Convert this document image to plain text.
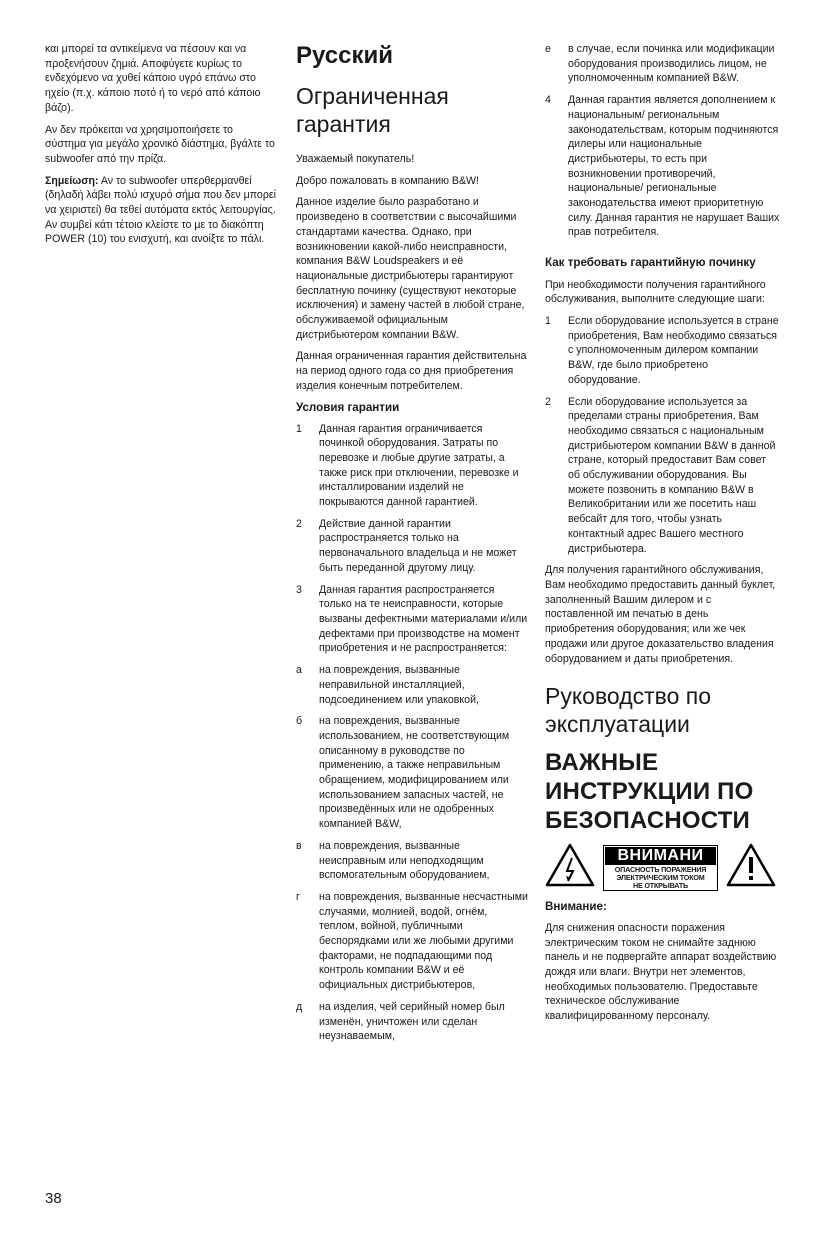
και μπορεί τα αντικείμενα να πέσουν και να προξενήσουν ζημιά. Αποφύγετε κυρίως το ενδεχόμενο να χυθεί κάποιο υγρό επάνω στο ηχείο (π.χ. κάποιο ποτό ή το νερό από κάποιο βάζο).

Αν δεν πρόκειται να χρησιμοποιήσετε το σύστημα για μεγάλο χρονικό διάστημα, βγάλτε το subwoofer από την πρίζα.

Σημείωση: Αν το subwoofer υπερθερμανθεί (δηλαδή λάβει πολύ ισχυρό σήμα που δεν μπορεί να χειριστεί) θα τεθεί αυτόματα εκτός λειτουργίας. Αν συμβεί κάτι τέτοιο κλείστε το με το διακόπτη POWER (10) του ενισχυτή, και ανοίξτε το πάλι.

Русский
Ограниченная гарантия

Уважаемый покупатель!

Добро пожаловать в компанию B&W!

Данное изделие было разработано и произведено в соответствии с высочайшими стандартами качества. Однако, при возникновении какой-либо неисправности, компания B&W Loudspeakers и её национальные дистрибьютеры гарантируют бесплатную починку (существуют некоторые исключения) и замену частей в любой стране, обслуживаемой официальным дистрибьютером компании B&W.

Данная ограниченная гарантия действительна на период одного года со дня приобретения изделия конечным потребителем.

Условия гарантии
1	Данная гарантия ограничивается починкой оборудования. Затраты по перевозке и любые другие затраты, а также риск при отключении, перевозке и инсталлировании изделий не покрываются данной гарантией.
2	Действие данной гарантии распространяется только на первоначального владельца и не может быть переданной другому лицу.
3	Данная гарантия распространяется только на те неисправности, которые вызваны дефектными материалами и/или дефектами при производстве на момент приобретения и не распространяется:
а	на повреждения, вызванные неправильной инсталляцией, подсоединением или упаковкой,
б	на повреждения, вызванные использованием, не соответствующим описанному в руководстве по применению, а также неправильным обращением, модифицированием или использованием запасных частей, не произведённых или не одобренных компанией B&W,
в	на повреждения, вызванные неисправным или неподходящим вспомогательным оборудованием,
г	на повреждения, вызванные несчастными случаями, молнией, водой, огнём, теплом, войной, публичными беспорядками или же любыми другими факторами, не подпадающими под контроль компании B&W и её официальных дистрибьютеров,
д	на изделия, чей серийный номер был изменён, уничтожен или сделан неузнаваемым,
е	в случае, если починка или модификации оборудования производились лицом, не уполномоченным компанией B&W.
4	Данная гарантия является дополнением к национальным/ региональным законодательствам, которым подчиняются дилеры или национальные дистрибьютеры, то есть при возникновении противоречий, национальные/ региональные законодательства имеют приоритетную силу. Данная гарантия не нарушает Ваших прав потребителя.
Как требовать гарантийную починку

При необходимости получения гарантийного обслуживания, выполните следующие шаги:

1	Если оборудование используется в стране приобретения, Вам необходимо связаться с уполномоченным дилером компании B&W, где было приобретено оборудование.
2	Если оборудование используется за пределами страны приобретения, Вам необходимо связаться с национальным дистрибьютером компании B&W в данной стране, который предоставит Вам совет об обслуживании оборудования. Вы можете позвонить в компанию B&W в Великобритании или же посетить наш вебсайт для того, чтобы узнать контактный адрес Вашего местного дистрибьютера.

Для получения гарантийного обслуживания, Вам необходимо предоставить данный буклет, заполненный Вашим дилером и с поставленной им печатью в день приобретения оборудования; или же чек продажи или другое доказательство владения оборудованием и даты приобретения.

Руководство по эксплуатации
ВАЖНЫЕ ИНСТРУКЦИИ ПО БЕЗОПАСНОСТИ
ВНИМАНИ
ОПАСНОСТЬ ПОРАЖЕНИЯ
ЭЛЕКТРИЧЕСКИМ ТОКОМ
НЕ ОТКРЫВАТЬ
Внимание:

Для снижения опасности поражения электрическим током не снимайте заднюю панель и не подвергайте аппарат воздействию дождя или влаги. Внутри нет элементов, необходимых пользователю. Предоставьте техническое обслуживание квалифицированному персоналу.

38
